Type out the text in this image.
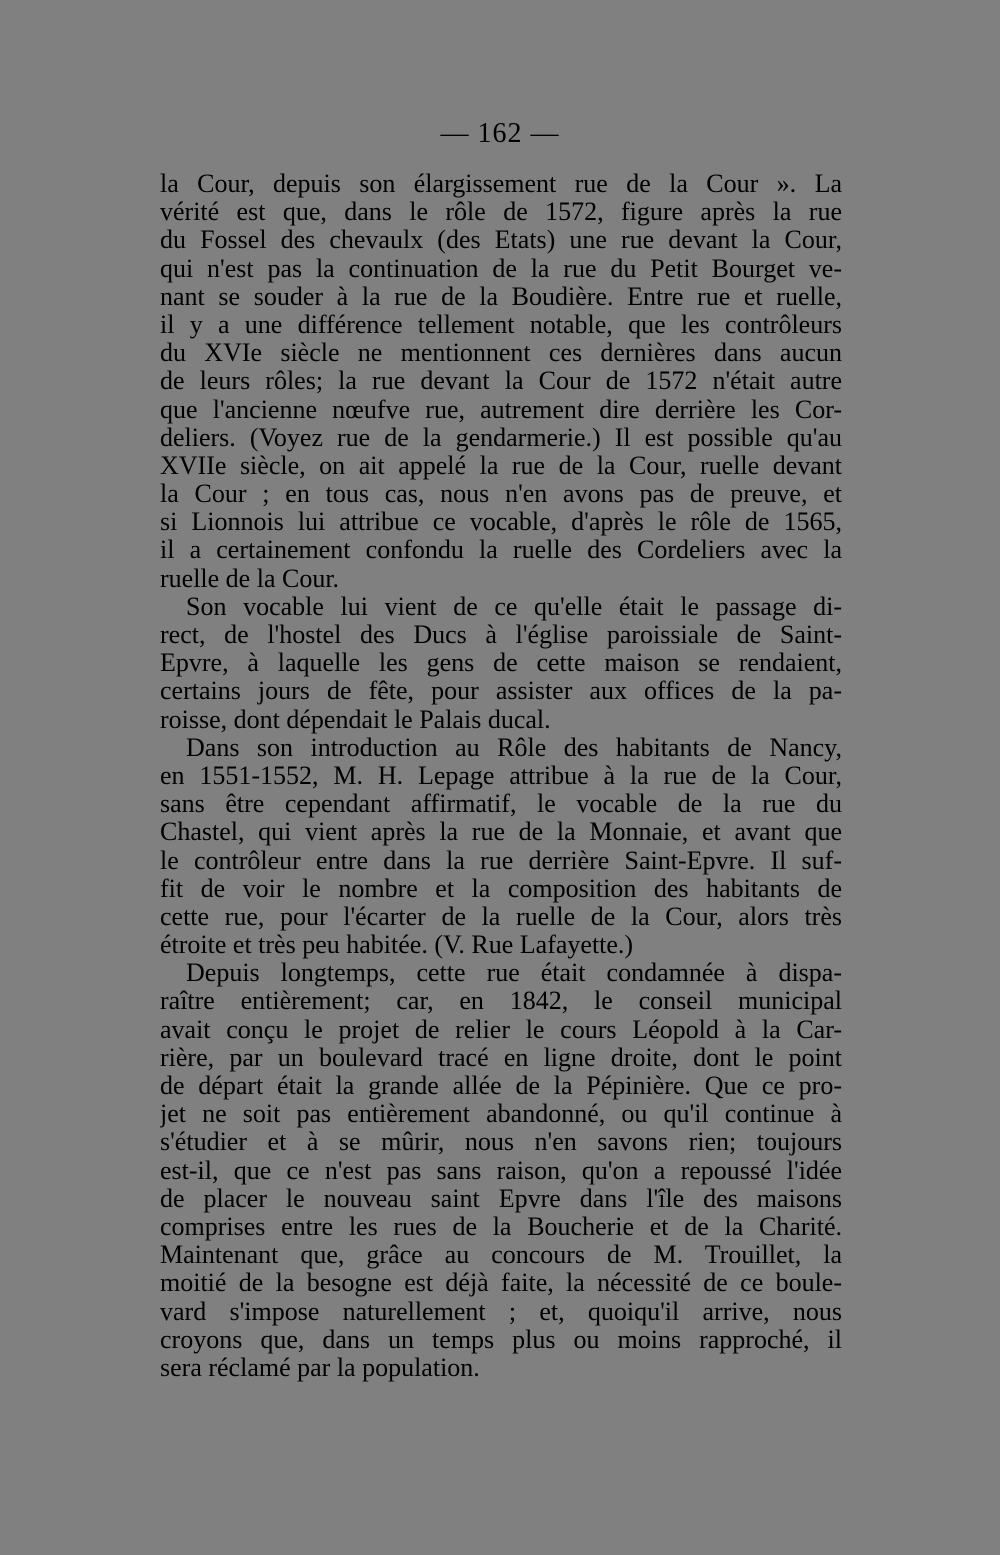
— 162 —
la Cour, depuis son élargissement rue de la Cour ». La
vérité est que, dans le rôle de 1572, figure après la rue
du Fossel des chevaulx (des Etats) une rue devant la Cour,
qui n'est pas la continuation de la rue du Petit Bourget ve-
nant se souder à la rue de la Boudière. Entre rue et ruelle,
il y a une différence tellement notable, que les contrôleurs
du XVIe siècle ne mentionnent ces dernières dans aucun
de leurs rôles; la rue devant la Cour de 1572 n'était autre
que l'ancienne nœufve rue, autrement dire derrière les Cor-
deliers. (Voyez rue de la gendarmerie.) Il est possible qu'au
XVIIe siècle, on ait appelé la rue de la Cour, ruelle devant
la Cour ; en tous cas, nous n'en avons pas de preuve, et
si Lionnois lui attribue ce vocable, d'après le rôle de 1565,
il a certainement confondu la ruelle des Cordeliers avec la
ruelle de la Cour.
Son vocable lui vient de ce qu'elle était le passage di-
rect, de l'hostel des Ducs à l'église paroissiale de Saint-
Epvre, à laquelle les gens de cette maison se rendaient,
certains jours de fête, pour assister aux offices de la pa-
roisse, dont dépendait le Palais ducal.
Dans son introduction au Rôle des habitants de Nancy,
en 1551-1552, M. H. Lepage attribue à la rue de la Cour,
sans être cependant affirmatif, le vocable de la rue du
Chastel, qui vient après la rue de la Monnaie, et avant que
le contrôleur entre dans la rue derrière Saint-Epvre. Il suf-
fit de voir le nombre et la composition des habitants de
cette rue, pour l'écarter de la ruelle de la Cour, alors très
étroite et très peu habitée. (V. Rue Lafayette.)
Depuis longtemps, cette rue était condamnée à dispa-
raître entièrement; car, en 1842, le conseil municipal
avait conçu le projet de relier le cours Léopold à la Car-
rière, par un boulevard tracé en ligne droite, dont le point
de départ était la grande allée de la Pépinière. Que ce pro-
jet ne soit pas entièrement abandonné, ou qu'il continue à
s'étudier et à se mûrir, nous n'en savons rien; toujours
est-il, que ce n'est pas sans raison, qu'on a repoussé l'idée
de placer le nouveau saint Epvre dans l'île des maisons
comprises entre les rues de la Boucherie et de la Charité.
Maintenant que, grâce au concours de M. Trouillet, la
moitié de la besogne est déjà faite, la nécessité de ce boule-
vard s'impose naturellement ; et, quoiqu'il arrive, nous
croyons que, dans un temps plus ou moins rapproché, il
sera réclamé par la population.
